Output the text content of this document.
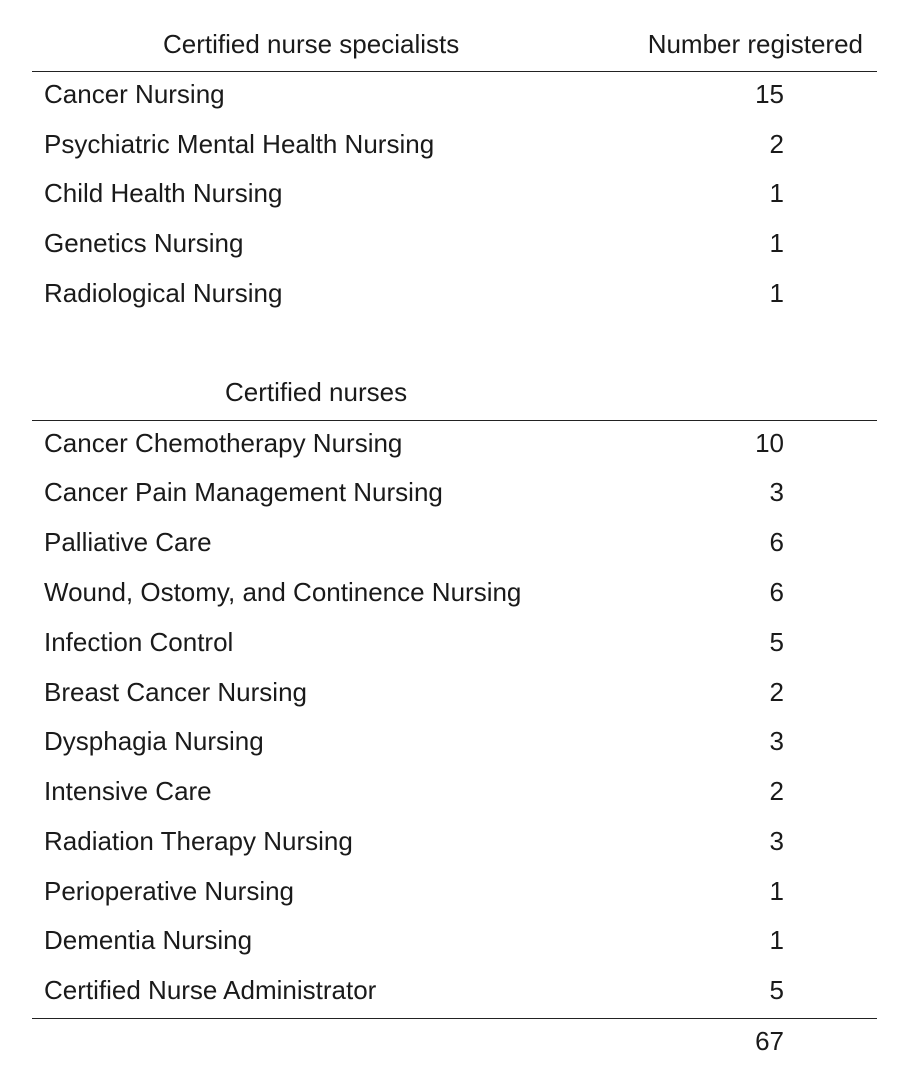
Certified nurse specialists	Number registered
Cancer Nursing	15
Psychiatric Mental Health Nursing	2
Child Health Nursing	1
Genetics Nursing	1
Radiological Nursing	1
Certified nurses
Cancer Chemotherapy Nursing	10
Cancer Pain Management Nursing	3
Palliative Care	6
Wound, Ostomy, and Continence Nursing	6
Infection Control	5
Breast Cancer Nursing	2
Dysphagia Nursing	3
Intensive Care	2
Radiation Therapy Nursing	3
Perioperative Nursing	1
Dementia Nursing	1
Certified Nurse Administrator	5
67
